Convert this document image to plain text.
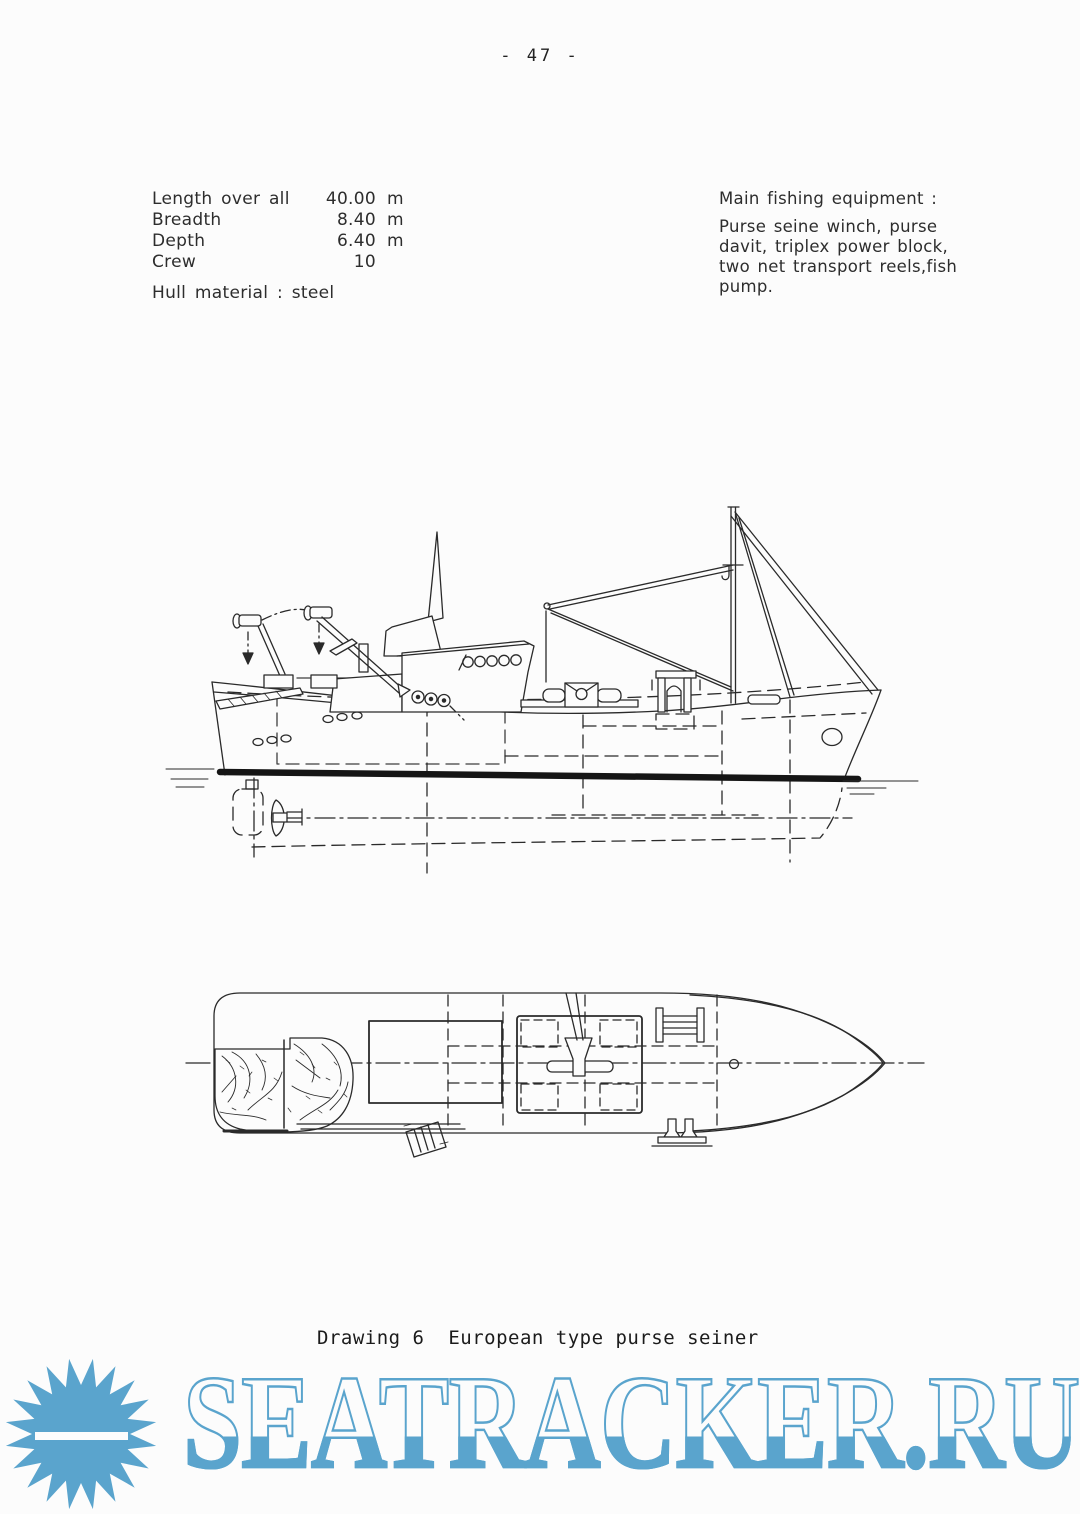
- 47 -
Length over all	40.00 m
Breadth	8.40 m
Depth	6.40 m
Crew	10
Hull material : steel
Main fishing equipment :
Purse seine winch, purse
davit, triplex power block,
two net transport reels,fish
pump.
SEATRACKER.RU
Drawing 6  European type purse seiner
